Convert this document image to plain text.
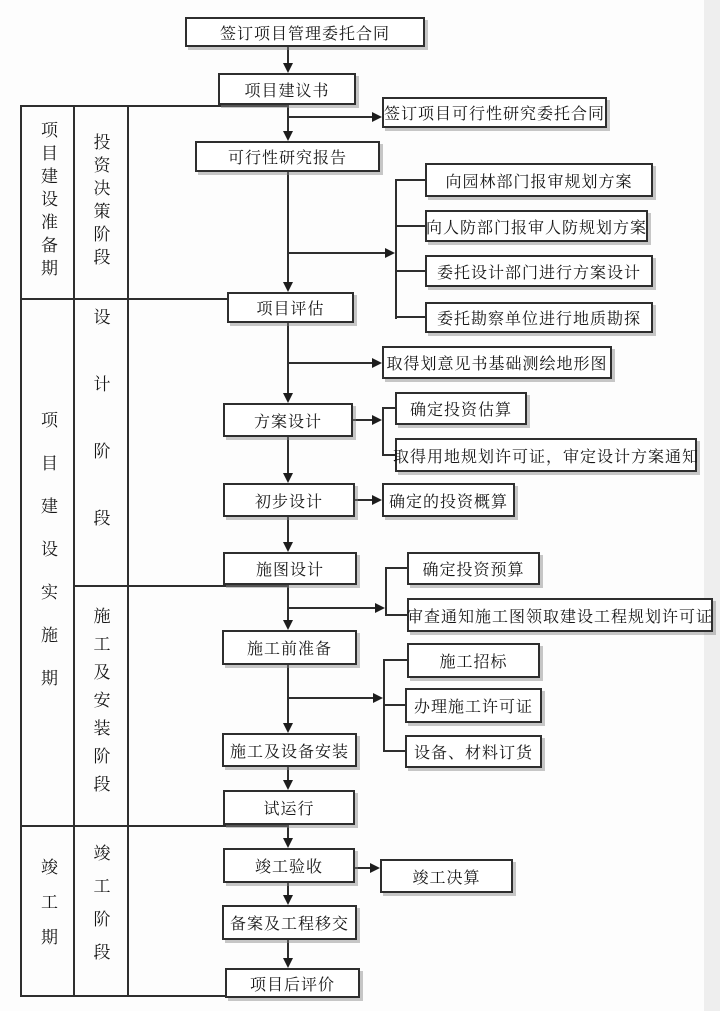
项目建设准备期
项目建设实施期
竣工期
投资决策阶段
设计阶段
施工及安装阶段
竣工阶段
签订项目管理委托合同
项目建议书
可行性研究报告
项目评估
方案设计
初步设计
施图设计
施工前准备
施工及设备安装
试运行
竣工验收
备案及工程移交
项目后评价
签订项目可行性研究委托合同
向园林部门报审规划方案
向人防部门报审人防规划方案
委托设计部门进行方案设计
委托勘察单位进行地质勘探
取得划意见书基础测绘地形图
确定投资估算
取得用地规划许可证，审定设计方案通知
确定的投资概算
确定投资预算
审查通知施工图领取建设工程规划许可证
施工招标
办理施工许可证
设备、材料订货
竣工决算
